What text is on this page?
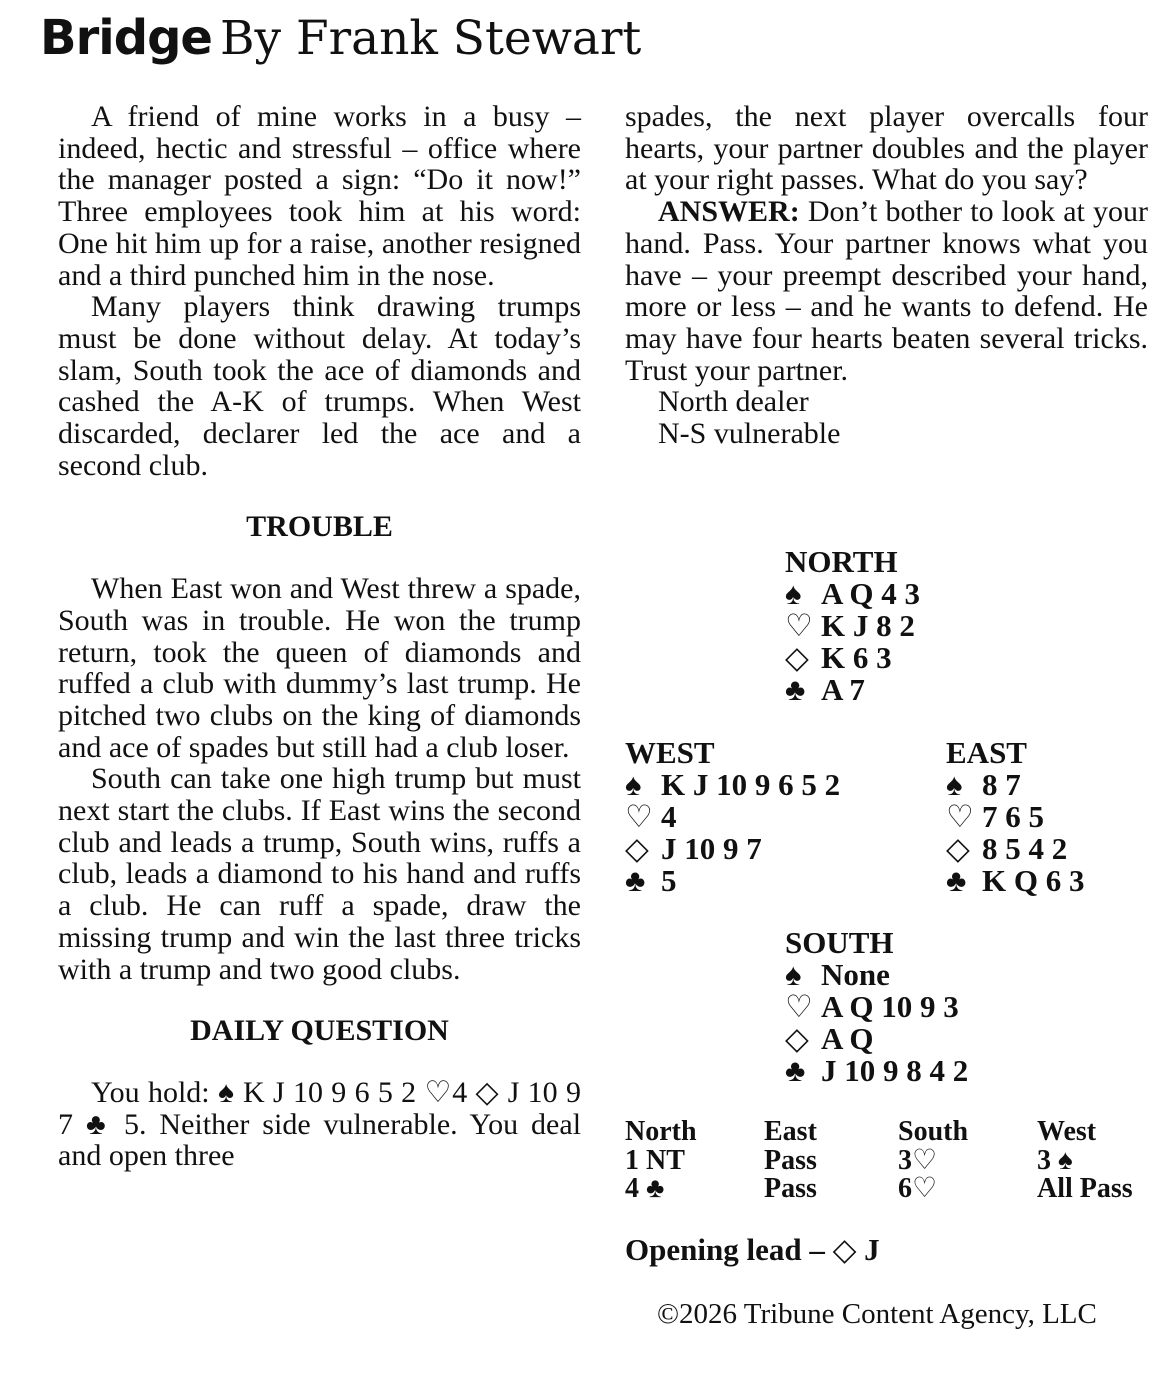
Bridge By Frank Stewart

A friend of mine works in a busy – indeed, hectic and stressful – office where the manager posted a sign: “Do it now!” Three employees took him at his word: One hit him up for a raise, another resigned and a third punched him in the nose.

Many players think drawing trumps must be done without delay. At today’s slam, South took the ace of diamonds and cashed the A-K of trumps. When West discarded, declarer led the ace and a second club.

TROUBLE

When East won and West threw a spade, South was in trouble. He won the trump return, took the queen of diamonds and ruffed a club with dummy’s last trump. He pitched two clubs on the king of diamonds and ace of spades but still had a club loser.

South can take one high trump but must next start the clubs. If East wins the second club and leads a trump, South wins, ruffs a club, leads a diamond to his hand and ruffs a club. He can ruff a spade, draw the missing trump and win the last three tricks with a trump and two good clubs.

DAILY QUESTION

You hold: ♠ K J 10 9 6 5 2 ♡4 ◇ J 10 9 7 ♣ 5. Neither side vulnerable. You deal and open three

spades, the next player overcalls four hearts, your partner doubles and the player at your right passes. What do you say?

ANSWER: Don’t bother to look at your hand. Pass. Your partner knows what you have – your preempt described your hand, more or less – and he wants to defend. He may have four hearts beaten several tricks. Trust your partner.

North dealer
N-S vulnerable
NORTH
♠ A Q 4 3
♡ K J 8 2
◇ K 6 3
♣ A 7
WEST
♠ K J 10 9 6 5 2
♡ 4
◇ J 10 9 7
♣ 5
EAST
♠ 8 7
♡ 7 6 5
◇ 8 5 4 2
♣ K Q 6 3
SOUTH
♠ None
♡ A Q 10 9 3
◇ A Q
♣ J 10 9 8 4 2
North	East	South	West
1 NT	Pass	3♡	3 ♠
4 ♣	Pass	6♡	All Pass
Opening lead – ◇ J
©2026 Tribune Content Agency, LLC
